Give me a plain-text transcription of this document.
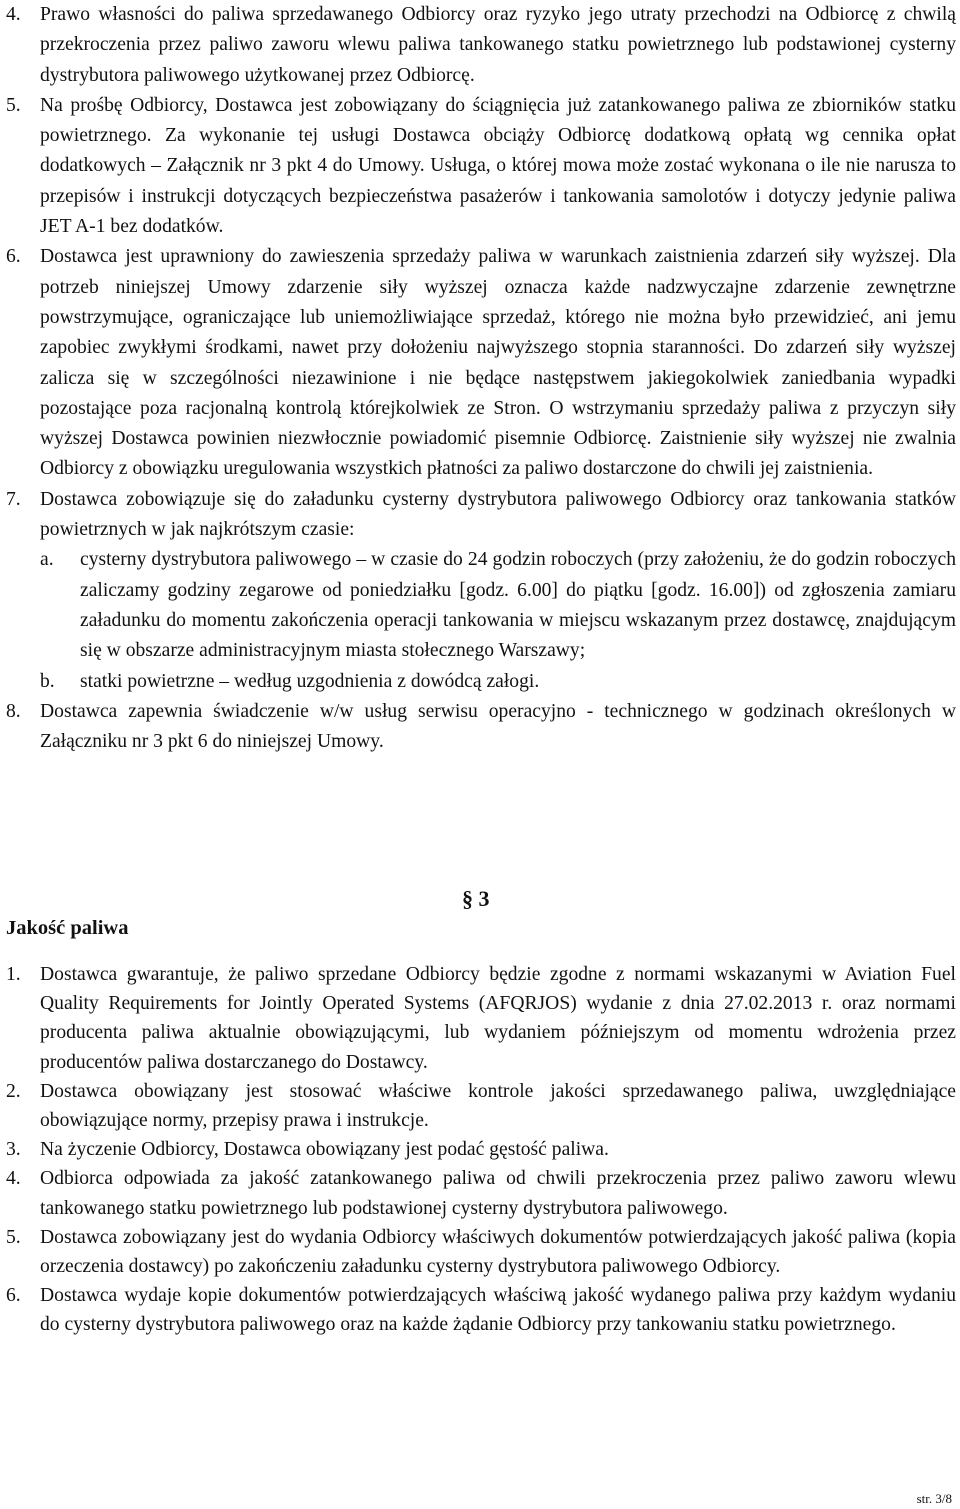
4. Prawo własności do paliwa sprzedawanego Odbiorcy oraz ryzyko jego utraty przechodzi na Odbiorcę z chwilą przekroczenia przez paliwo zaworu wlewu paliwa tankowanego statku powietrznego lub podstawionej cysterny dystrybutora paliwowego użytkowanej przez Odbiorcę.

5. Na prośbę Odbiorcy, Dostawca jest zobowiązany do ściągnięcia już zatankowanego paliwa ze zbiorników statku powietrznego. Za wykonanie tej usługi Dostawca obciąży Odbiorcę dodatkową opłatą wg cennika opłat dodatkowych – Załącznik nr 3 pkt 4 do Umowy. Usługa, o której mowa może zostać wykonana o ile nie narusza to przepisów i instrukcji dotyczących bezpieczeństwa pasażerów i tankowania samolotów i dotyczy jedynie paliwa JET A-1 bez dodatków.

6. Dostawca jest uprawniony do zawieszenia sprzedaży paliwa w warunkach zaistnienia zdarzeń siły wyższej. Dla potrzeb niniejszej Umowy zdarzenie siły wyższej oznacza każde nadzwyczajne zdarzenie zewnętrzne powstrzymujące, ograniczające lub uniemożliwiające sprzedaż, którego nie można było przewidzieć, ani jemu zapobiec zwykłymi środkami, nawet przy dołożeniu najwyższego stopnia staranności. Do zdarzeń siły wyższej zalicza się w szczególności niezawinione i nie będące następstwem jakiegokolwiek zaniedbania wypadki pozostające poza racjonalną kontrolą którejkolwiek ze Stron. O wstrzymaniu sprzedaży paliwa z przyczyn siły wyższej Dostawca powinien niezwłocznie powiadomić pisemnie Odbiorcę. Zaistnienie siły wyższej nie zwalnia Odbiorcy z obowiązku uregulowania wszystkich płatności za paliwo dostarczone do chwili jej zaistnienia.

7. Dostawca zobowiązuje się do załadunku cysterny dystrybutora paliwowego Odbiorcy oraz tankowania statków powietrznych w jak najkrótszym czasie:

a. cysterny dystrybutora paliwowego – w czasie do 24 godzin roboczych (przy założeniu, że do godzin roboczych zaliczamy godziny zegarowe od poniedziałku [godz. 6.00] do piątku [godz. 16.00]) od zgłoszenia zamiaru załadunku do momentu zakończenia operacji tankowania w miejscu wskazanym przez dostawcę, znajdującym się w obszarze administracyjnym miasta stołecznego Warszawy;

b. statki powietrzne – według uzgodnienia z dowódcą załogi.

8. Dostawca zapewnia świadczenie w/w usług serwisu operacyjno - technicznego w godzinach określonych w Załączniku nr 3 pkt 6 do niniejszej Umowy.

§ 3
Jakość paliwa
1. Dostawca gwarantuje, że paliwo sprzedane Odbiorcy będzie zgodne z normami wskazanymi w Aviation Fuel Quality Requirements for Jointly Operated Systems (AFQRJOS) wydanie z dnia 27.02.2013 r. oraz normami producenta paliwa aktualnie obowiązującymi, lub wydaniem późniejszym od momentu wdrożenia przez producentów paliwa dostarczanego do Dostawcy.

2. Dostawca obowiązany jest stosować właściwe kontrole jakości sprzedawanego paliwa, uwzględniające obowiązujące normy, przepisy prawa i instrukcje.

3. Na życzenie Odbiorcy, Dostawca obowiązany jest podać gęstość paliwa.

4. Odbiorca odpowiada za jakość zatankowanego paliwa od chwili przekroczenia przez paliwo zaworu wlewu tankowanego statku powietrznego lub podstawionej cysterny dystrybutora paliwowego.

5. Dostawca zobowiązany jest do wydania Odbiorcy właściwych dokumentów potwierdzających jakość paliwa (kopia orzeczenia dostawcy) po zakończeniu załadunku cysterny dystrybutora paliwowego Odbiorcy.

6. Dostawca wydaje kopie dokumentów potwierdzających właściwą jakość wydanego paliwa przy każdym wydaniu do cysterny dystrybutora paliwowego oraz na każde żądanie Odbiorcy przy tankowaniu statku powietrznego.

str. 3/8
